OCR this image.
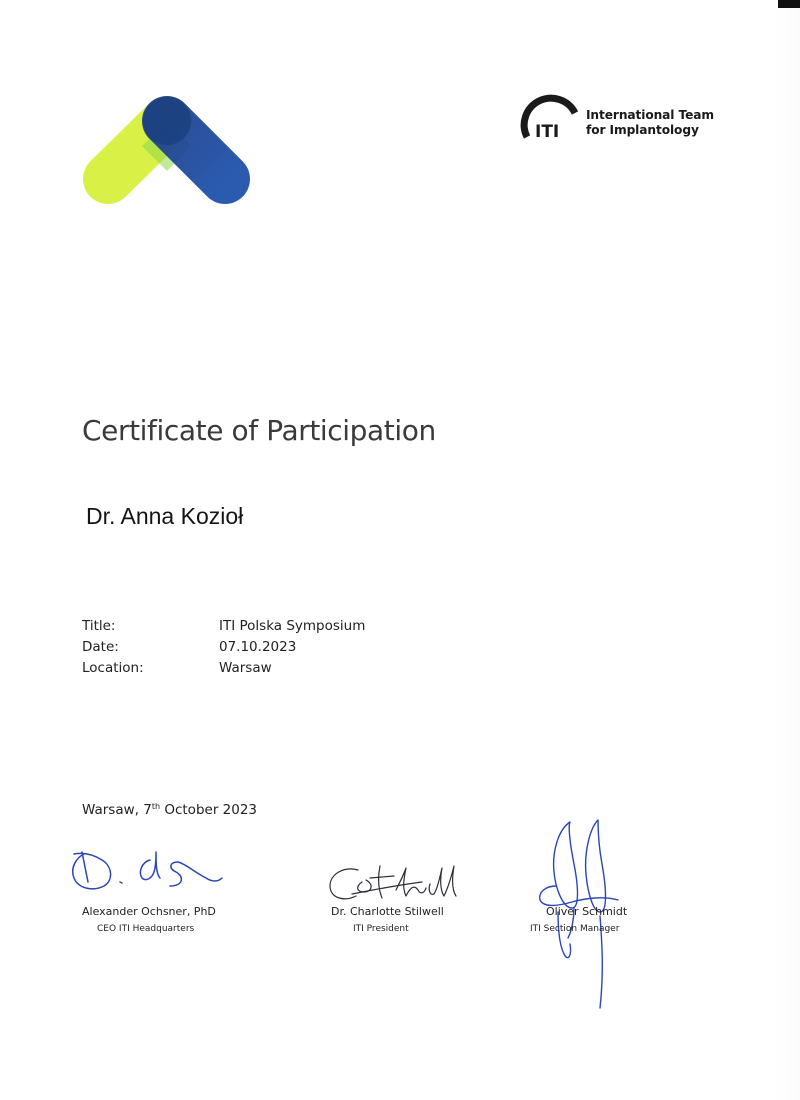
ITI
International Team
for Implantology
Certificate of Participation
Dr. Anna Kozioł
Title:	ITI Polska Symposium
Date:	07.10.2023
Location:	Warsaw
Warsaw, 7th October 2023
Alexander Ochsner, PhD
CEO ITI Headquarters
Dr. Charlotte Stilwell
ITI President
Oliver Schmidt
ITI Section Manager
